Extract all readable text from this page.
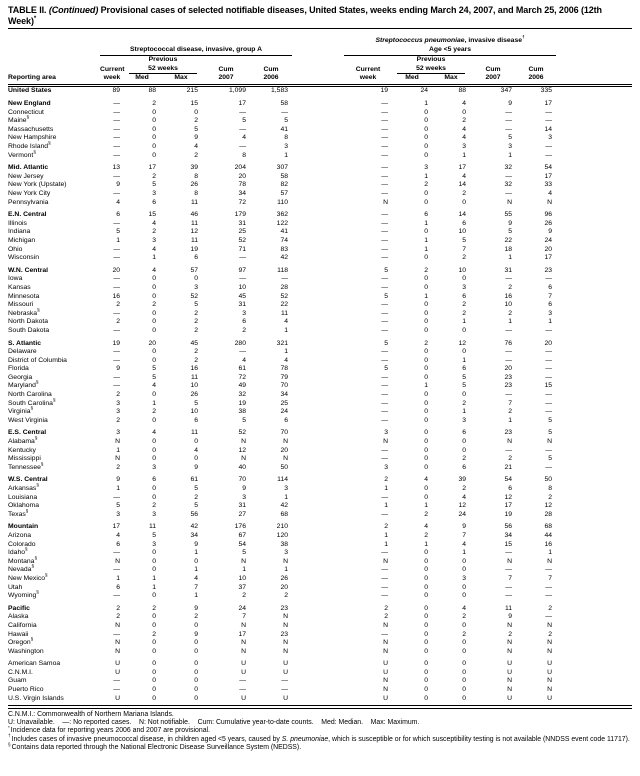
TABLE II. (Continued) Provisional cases of selected notifiable diseases, United States, weeks ending March 24, 2007, and March 25, 2006 (12th Week)*

	Streptococcal disease, invasive, group A						Streptococcus pneumoniae, invasive disease†
Age <5 years					

		Previous						Previous				
	Current	52 weeks		Cum	Cum		Current	52 weeks		Cum	Cum	
Reporting area	week	Med	Max	2007	2006		week	Med	Max	2007	2006	

United States	89	88	215	1,099	1,583		19	24	88	347	335	
New England	—	2	15	17	58		—	1	4	9	17	
Connecticut	—	0	0	—	—		—	0	0	—	—	
Maine§	—	0	2	5	5		—	0	2	—	—	
Massachusetts	—	0	5	—	41		—	0	4	—	14	
New Hampshire	—	0	9	4	8		—	0	4	5	3	
Rhode Island§	—	0	4	—	3		—	0	3	3	—	
Vermont§	—	0	2	8	1		—	0	1	1	—	
Mid. Atlantic	13	17	39	204	307		—	3	17	32	54	
New Jersey	—	2	8	20	58		—	1	4	—	17	
New York (Upstate)	9	5	26	78	82		—	2	14	32	33	
New York City	—	3	8	34	57		—	0	2	—	4	
Pennsylvania	4	6	11	72	110		N	0	0	N	N	
E.N. Central	6	15	46	179	362		—	6	14	55	96	
Illinois	—	4	11	31	122		—	1	6	9	26	
Indiana	5	2	12	25	41		—	0	10	5	9	
Michigan	1	3	11	52	74		—	1	5	22	24	
Ohio	—	4	19	71	83		—	1	7	18	20	
Wisconsin	—	1	6	—	42		—	0	2	1	17	
W.N. Central	20	4	57	97	118		5	2	10	31	23	
Iowa	—	0	0	—	—		—	0	0	—	—	
Kansas	—	0	3	10	28		—	0	3	2	6	
Minnesota	16	0	52	45	52		5	1	6	16	7	
Missouri	2	2	5	31	22		—	0	2	10	6	
Nebraska§	—	0	2	3	11		—	0	2	2	3	
North Dakota	2	0	2	6	4		—	0	1	1	1	
South Dakota	—	0	2	2	1		—	0	0	—	—	
S. Atlantic	19	20	45	280	321		5	2	12	76	20	
Delaware	—	0	2	—	1		—	0	0	—	—	
District of Columbia	—	0	2	4	4		—	0	1	—	—	
Florida	9	5	16	61	78		5	0	6	20	—	
Georgia	—	5	11	72	79		—	0	5	23	—	
Maryland§	—	4	10	49	70		—	1	5	23	15	
North Carolina	2	0	26	32	34		—	0	0	—	—	
South Carolina§	3	1	5	19	25		—	0	2	7	—	
Virginia§	3	2	10	38	24		—	0	1	2	—	
West Virginia	2	0	6	5	6		—	0	3	1	5	
E.S. Central	3	4	11	52	70		3	0	6	23	5	
Alabama§	N	0	0	N	N		N	0	0	N	N	
Kentucky	1	0	4	12	20		—	0	0	—	—	
Mississippi	N	0	0	N	N		—	0	2	2	5	
Tennessee§	2	3	9	40	50		3	0	6	21	—	
W.S. Central	9	6	61	70	114		2	4	39	54	50	
Arkansas§	1	0	5	9	3		1	0	2	6	8	
Louisiana	—	0	2	3	1		—	0	4	12	2	
Oklahoma	5	2	5	31	42		1	1	12	17	12	
Texas§	3	3	56	27	68		—	2	24	19	28	
Mountain	17	11	42	176	210		2	4	9	56	68	
Arizona	4	5	34	67	120		1	2	7	34	44	
Colorado	6	3	9	54	38		1	1	4	15	16	
Idaho§	—	0	1	5	3		—	0	1	—	1	
Montana§	N	0	0	N	N		N	0	0	N	N	
Nevada§	—	0	1	1	1		—	0	0	—	—	
New Mexico§	1	1	4	10	26		—	0	3	7	7	
Utah	6	1	7	37	20		—	0	0	—	—	
Wyoming§	—	0	1	2	2		—	0	0	—	—	
Pacific	2	2	9	24	23		2	0	4	11	2	
Alaska	2	0	2	7	N		2	0	2	9	—	
California	N	0	0	N	N		N	0	0	N	N	
Hawaii	—	2	9	17	23		—	0	2	2	2	
Oregon§	N	0	0	N	N		N	0	0	N	N	
Washington	N	0	0	N	N		N	0	0	N	N	
American Samoa	U	0	0	U	U		U	0	0	U	U	
C.N.M.I.	U	0	0	U	U		U	0	0	U	U	
Guam	—	0	0	—	—		N	0	0	N	N	
Puerto Rico	—	0	0	—	—		N	0	0	N	N	
U.S. Virgin Islands	U	0	0	U	U		U	0	0	U	U	

C.N.M.I.: Commonwealth of Northern Mariana Islands.
U: Unavailable.    —: No reported cases.    N: Not notifiable.    Cum: Cumulative year-to-date counts.    Med: Median.    Max: Maximum.
*Incidence data for reporting years 2006 and 2007 are provisional.
†Includes cases of invasive pneumococcal disease, in children aged <5 years, caused by S. pneumoniae, which is susceptible or for which susceptibility testing is not available (NNDSS event code 11717).
§Contains data reported through the National Electronic Disease Surveillance System (NEDSS).
